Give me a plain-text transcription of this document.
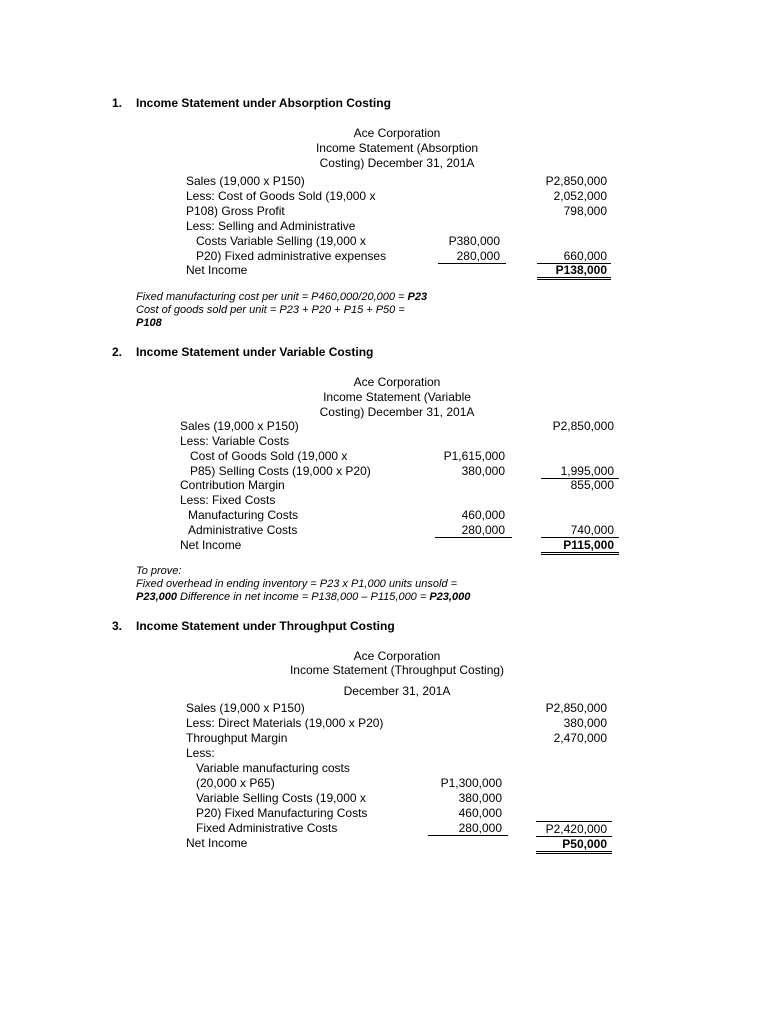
1. Income Statement under Absorption Costing
Ace Corporation
Income Statement (Absorption
Costing) December 31, 201A
Sales (19,000 x P150)
Less: Cost of Goods Sold (19,000 x
P108) Gross Profit
Less: Selling and Administrative
Costs Variable Selling (19,000 x
P20) Fixed administrative expenses
Net Income
P380,000
280,000
P2,850,000
2,052,000
798,000
660,000
P138,000
Fixed manufacturing cost per unit = P460,000/20,000 = P23
Cost of goods sold per unit = P23 + P20 + P15 + P50 =
P108
2. Income Statement under Variable Costing
Ace Corporation
Income Statement (Variable
Costing) December 31, 201A
Sales (19,000 x P150)
Less: Variable Costs
Cost of Goods Sold (19,000 x
P85) Selling Costs (19,000 x P20)
Contribution Margin
Less: Fixed Costs
Manufacturing Costs
Administrative Costs
Net Income
P1,615,000
380,000
460,000
280,000
P2,850,000
1,995,000
855,000
740,000
P115,000
To prove:
Fixed overhead in ending inventory = P23 x P1,000 units unsold =
P23,000 Difference in net income = P138,000 – P115,000 = P23,000
3. Income Statement under Throughput Costing
Ace Corporation
Income Statement (Throughput Costing)
December 31, 201A
Sales (19,000 x P150)
Less: Direct Materials (19,000 x P20)
Throughput Margin
Less:
Variable manufacturing costs
(20,000 x P65)
Variable Selling Costs (19,000 x
P20) Fixed Manufacturing Costs
Fixed Administrative Costs
Net Income
P1,300,000
380,000
460,000
280,000
P2,850,000
380,000
2,470,000
P2,420,000
P50,000
